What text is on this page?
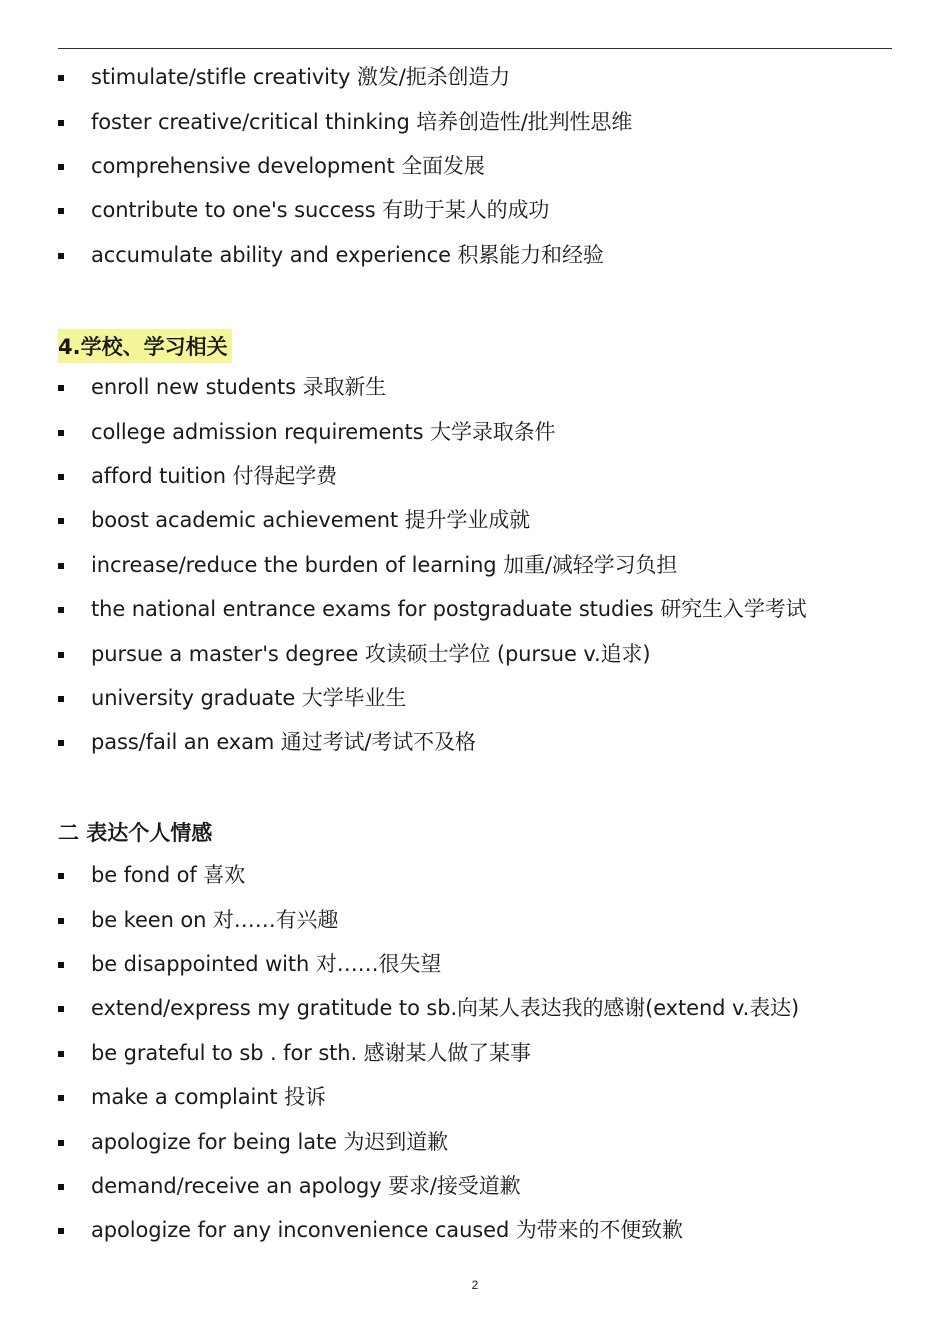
stimulate/stifle creativity 激发/扼杀创造力
foster creative/critical thinking 培养创造性/批判性思维
comprehensive development 全面发展
contribute to one's success 有助于某人的成功
accumulate ability and experience 积累能力和经验
4.学校、学习相关
enroll new students 录取新生
college admission requirements 大学录取条件
afford tuition 付得起学费
boost academic achievement 提升学业成就
increase/reduce the burden of learning 加重/减轻学习负担
the national entrance exams for postgraduate studies 研究生入学考试
pursue a master's degree 攻读硕士学位 (pursue v.追求)
university graduate 大学毕业生
pass/fail an exam 通过考试/考试不及格
二 表达个人情感
be fond of 喜欢
be keen on 对……有兴趣
be disappointed with 对……很失望
extend/express my gratitude to sb.向某人表达我的感谢(extend v.表达)
be grateful to sb . for sth. 感谢某人做了某事
make a complaint 投诉
apologize for being late 为迟到道歉
demand/receive an apology 要求/接受道歉
apologize for any inconvenience caused 为带来的不便致歉
2
